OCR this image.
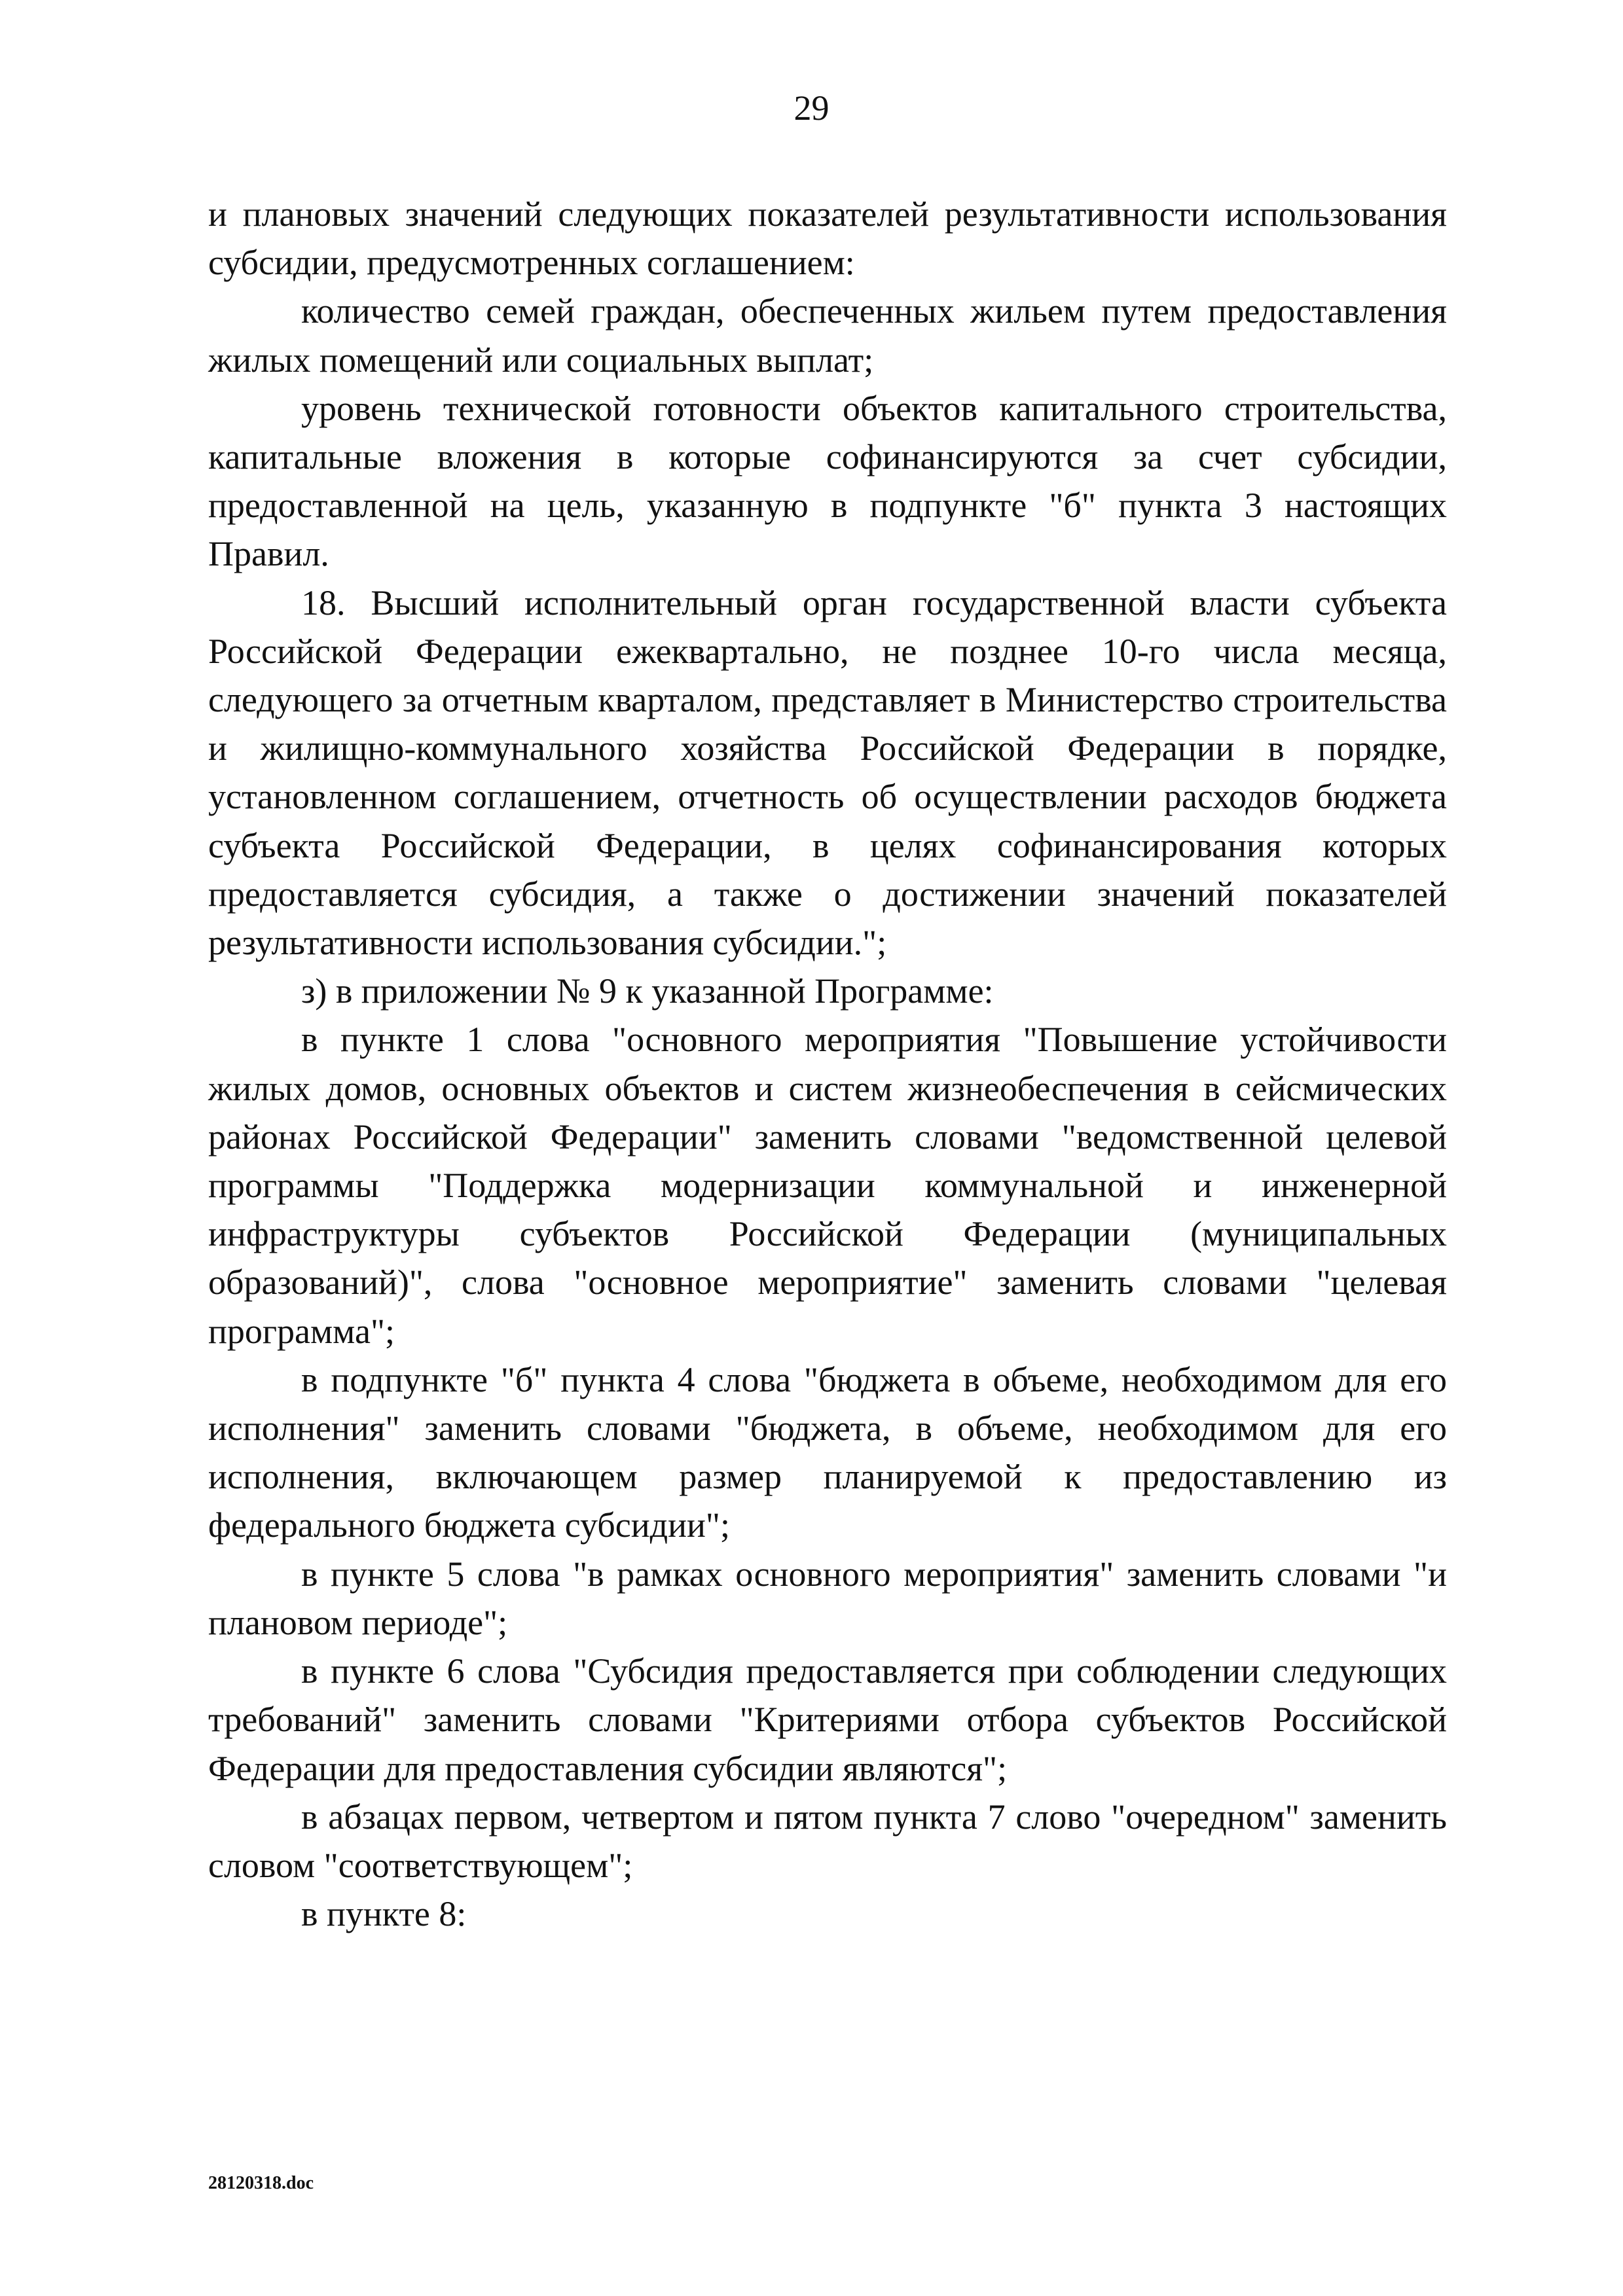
29

и плановых значений следующих показателей результативности использования субсидии, предусмотренных соглашением:

количество семей граждан, обеспеченных жильем путем предоставления жилых помещений или социальных выплат;

уровень технической готовности объектов капитального строительства, капитальные вложения в которые софинансируются за счет субсидии, предоставленной на цель, указанную в подпункте "б" пункта 3 настоящих Правил.

18. Высший исполнительный орган государственной власти субъекта Российской Федерации ежеквартально, не позднее 10-го числа месяца, следующего за отчетным кварталом, представляет в Министерство строительства и жилищно-коммунального хозяйства Российской Федерации в порядке, установленном соглашением, отчетность об осуществлении расходов бюджета субъекта Российской Федерации, в целях софинансирования которых предоставляется субсидия, а также о достижении значений показателей результативности использования субсидии.";

з) в приложении № 9 к указанной Программе:

в пункте 1 слова "основного мероприятия "Повышение устойчивости жилых домов, основных объектов и систем жизнеобеспечения в сейсмических районах Российской Федерации" заменить словами "ведомственной целевой программы "Поддержка модернизации коммунальной и инженерной инфраструктуры субъектов Российской Федерации (муниципальных образований)", слова "основное мероприятие" заменить словами "целевая программа";

в подпункте "б" пункта 4 слова "бюджета в объеме, необходимом для его исполнения" заменить словами "бюджета, в объеме, необходимом для его исполнения, включающем размер планируемой к предоставлению из федерального бюджета субсидии";

в пункте 5 слова "в рамках основного мероприятия" заменить словами "и плановом периоде";

в пункте 6 слова "Субсидия предоставляется при соблюдении следующих требований" заменить словами "Критериями отбора субъектов Российской Федерации для предоставления субсидии являются";

в абзацах первом, четвертом и пятом пункта 7 слово "очередном" заменить словом "соответствующем";

в пункте 8:

28120318.doc
